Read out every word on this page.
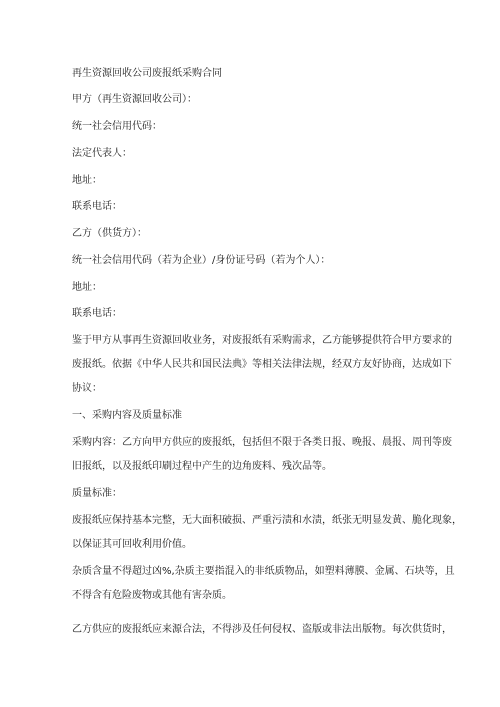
再生资源回收公司废报纸采购合同

甲方（再生资源回收公司）：

统一社会信用代码：

法定代表人：

地址：

联系电话：

乙方（供货方）：

统一社会信用代码（若为企业）/身份证号码（若为个人）：

地址：

联系电话：

鉴于甲方从事再生资源回收业务，对废报纸有采购需求，乙方能够提供符合甲方要求的

废报纸。依据《中华人民共和国民法典》等相关法律法规，经双方友好协商，达成如下

协议：

一、采购内容及质量标准

采购内容：乙方向甲方供应的废报纸，包括但不限于各类日报、晚报、晨报、周刊等废

旧报纸，以及报纸印刷过程中产生的边角废料、残次品等。

质量标准：

废报纸应保持基本完整，无大面积破损、严重污渍和水渍，纸张无明显发黄、脆化现象，

以保证其可回收利用价值。

杂质含量不得超过凶%,杂质主要指混入的非纸质物品，如塑料薄膜、金属、石块等，且

不得含有危险废物或其他有害杂质。

乙方供应的废报纸应来源合法，不得涉及任何侵权、盗版或非法出版物。每次供货时，
